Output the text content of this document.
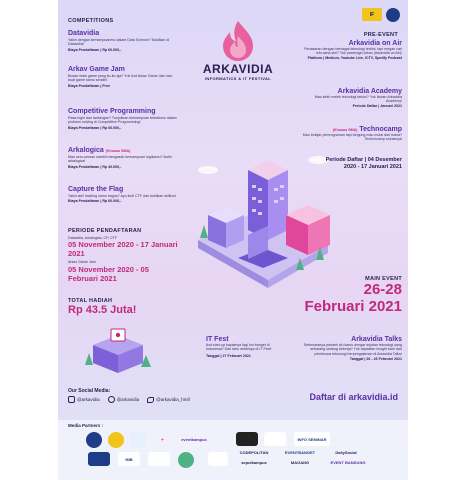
IF
COMPETITIONS
Datavidia
Yakin dengan kemampuanmu dalam Data Science? Buktikan di Datavidia!
Biaya Pendaftaran | Rp 60.000,-
Arkav Game Jam
Bosan main game yang itu-itu aja? Yuk ikut Arkav Game Jam dan buat game kamu sendiri!
Biaya Pendaftaran | Free
Competitive Programming
Rasa ingin dan tantangan? Tunjukkan kemampuan terbaikmu dalam problem solving di Competitive Programming!
Biaya Pendaftaran | Rp 60.000,-
Arkalogica (Khusus SMA)
Mau seru-seruan sambil mengasah kemampuan logikamu? Ikutin arkalogica!
Biaya Pendaftaran | Rp 40.000,-
Capture the Flag
Yakin skill hacking kamu bagus? Ayo ikuti CTF dan buktikan skillmu!
Biaya Pendaftaran | Rp 60.000,-
PERIODE PENDAFTARAN
Datavidia, Arkalogica, CP, CTF
05 November 2020 - 17 Januari 2021
Arkav Game Jam
05 November 2020 - 05 Februari 2021
TOTAL HADIAH
Rp 43.5 Juta!
ARKAVIDIA
INFORMATICS & IT FESTIVAL
PRE-EVENT
Arkavidia on Air
Penasaran dengan berbagai teknologi terkini, tapi megan cari info sana sini? Yuk pantengin Arkav (Arkavidia on Air)!
Platform | Medium, Youtube Live, ICTV, Spotify Podcast
Arkavidia Academy
Mau lebih melek teknologi terkini? Yuk ikutan Arkavidia Academy!
Periode Daftar | Januari 2021
(Khusus SMA) Technocamp
Mau belajar pemrograman tapi bingung mau mulai dari mana? Technocamp solusinya!
Periode Daftar | 04 Desember 2020 - 17 Januari 2021
MAIN EVENT
26-28
Februari 2021
IT Fest
Ikut start-up kayaknya lagi hot banget di Indonesia? Dan tahu detailnya di IT Fest!
Tanggal | 27 Februari 2021
Arkavidia Talks
Sebenaranya pahami sih kamu dengar sejalan teknologi yang sekarang sedang bekerja? Yuk dapatkan insight baru dari pembicara teknologi berpengalaman di Arkavidia Talks!
Tanggal | 26 - 26 Februari 2021
Our Social Media:
@arkavidia	@arkavidia	@arkavidia_hmif	Daftar di arkavidia.id
Media Partners :
✦	eventkampus	INFO SEMINAR
IMB
CODEPOLITAN
sepulkampus
EVENTBANGET
MAGANG
DailySocial
EVENT BANDUNG
